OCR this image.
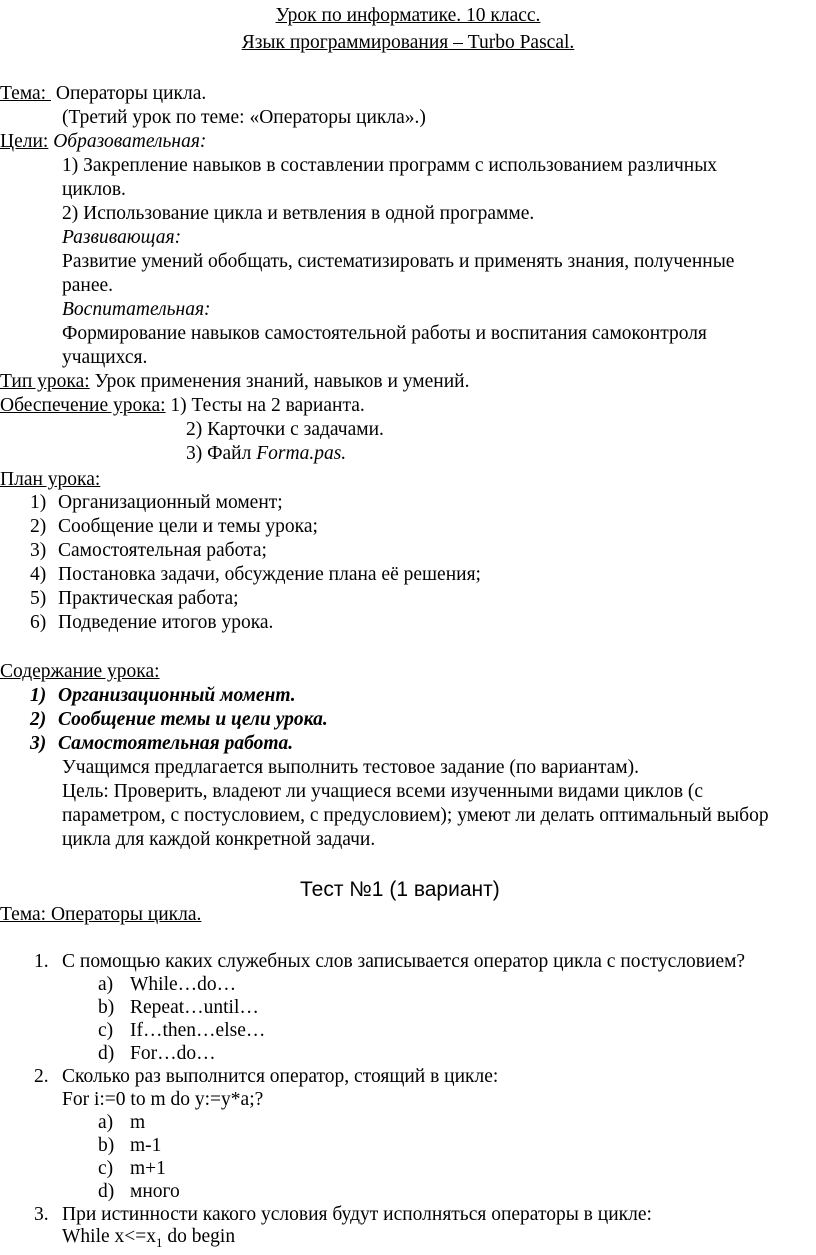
Урок по информатике. 10 класс.
Язык программирования – Turbo Pascal.
Тема:  Операторы цикла.
(Третий урок по теме: «Операторы цикла».)
Цели: Образовательная:
1) Закрепление навыков в составлении программ с использованием различных
циклов.
2) Использование цикла и ветвления в одной программе.
Развивающая:
Развитие умений обобщать, систематизировать и применять знания, полученные
ранее.
Воспитательная:
Формирование навыков самостоятельной работы и воспитания самоконтроля
учащихся.
Тип урока: Урок применения знаний, навыков и умений.
Обеспечение урока: 1) Тесты на 2 варианта.
2) Карточки с задачами.
3) Файл Forma.pas.
План урока:
1) Организационный момент;
2) Сообщение цели и темы урока;
3) Самостоятельная работа;
4) Постановка задачи, обсуждение плана её решения;
5) Практическая работа;
6) Подведение итогов урока.
Содержание урока:
1) Организационный момент.
2) Сообщение темы и цели урока.
3) Самостоятельная работа.
Учащимся предлагается выполнить тестовое задание (по вариантам).
Цель: Проверить, владеют ли учащиеся всеми изученными видами циклов (с
параметром, с постусловием, с предусловием); умеют ли делать оптимальный выбор
цикла для каждой конкретной задачи.
Тест №1 (1 вариант)
Тема: Операторы цикла.
1. С помощью каких служебных слов записывается оператор цикла с постусловием?
a) While…do…
b) Repeat…until…
c) If…then…else…
d) For…do…
2. Сколько раз выполнится оператор, стоящий в цикле:
For i:=0 to m do y:=y*a;?
a) m
b) m-1
c) m+1
d) много
3. При истинности какого условия будут исполняться операторы в цикле:
While $x<=x_1$ do begin
